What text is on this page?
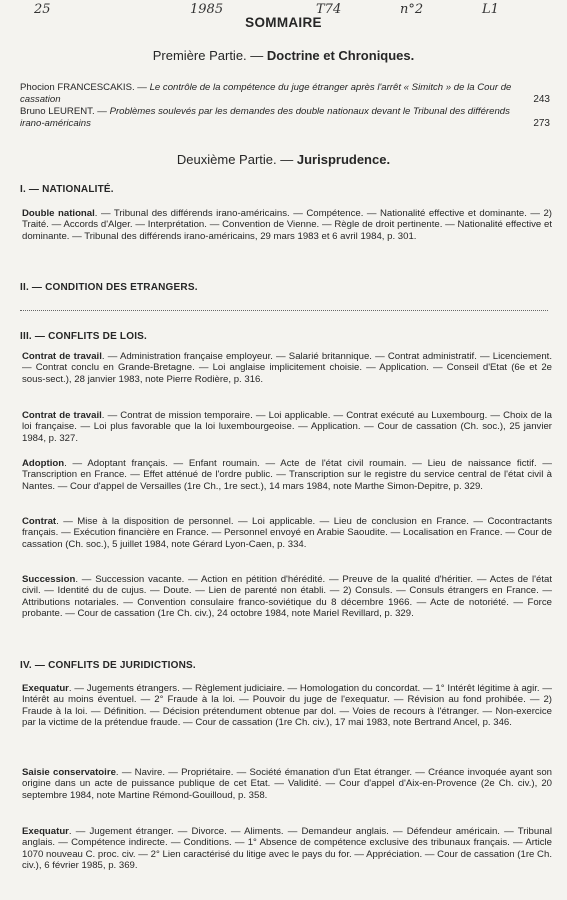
25	1985	T74	n°2	L1
SOMMAIRE
Première Partie. — Doctrine et Chroniques.
Phocion FRANCESCAKIS. — Le contrôle de la compétence du juge étranger après l'arrêt « Simitch » de la Cour de cassation	243
Bruno LEURENT. — Problèmes soulevés par les demandes des double nationaux devant le Tribunal des différends irano-américains	273
Deuxième Partie. — Jurisprudence.
I. — NATIONALITÉ.
Double national. — Tribunal des différends irano-américains. — Compétence. — Nationalité effective et dominante. — 2) Traité. — Accords d'Alger. — Interprétation. — Convention de Vienne. — Règle de droit pertinente. — Nationalité effective et dominante. — Tribunal des différends irano-américains, 29 mars 1983 et 6 avril 1984, p. 301.
II. — CONDITION DES ETRANGERS.
III. — CONFLITS DE LOIS.
Contrat de travail. — Administration française employeur. — Salarié britannique. — Contrat administratif. — Licenciement. — Contrat conclu en Grande-Bretagne. — Loi anglaise implicitement choisie. — Application. — Conseil d'Etat (6e et 2e sous-sect.), 28 janvier 1983, note Pierre Rodière, p. 316.
Contrat de travail. — Contrat de mission temporaire. — Loi applicable. — Contrat exécuté au Luxembourg. — Choix de la loi française. — Loi plus favorable que la loi luxembourgeoise. — Application. — Cour de cassation (Ch. soc.), 25 janvier 1984, p. 327.
Adoption. — Adoptant français. — Enfant roumain. — Acte de l'état civil roumain. — Lieu de naissance fictif. — Transcription en France. — Effet atténué de l'ordre public. — Transcription sur le registre du service central de l'état civil à Nantes. — Cour d'appel de Versailles (1re Ch., 1re sect.), 14 mars 1984, note Marthe Simon-Depitre, p. 329.
Contrat. — Mise à la disposition de personnel. — Loi applicable. — Lieu de conclusion en France. — Cocontractants français. — Exécution financière en France. — Personnel envoyé en Arabie Saoudite. — Localisation en France. — Cour de cassation (Ch. soc.), 5 juillet 1984, note Gérard Lyon-Caen, p. 334.
Succession. — Succession vacante. — Action en pétition d'hérédité. — Preuve de la qualité d'héritier. — Actes de l'état civil. — Identité du de cujus. — Doute. — Lien de parenté non établi. — 2) Consuls. — Consuls étrangers en France. — Attributions notariales. — Convention consulaire franco-soviétique du 8 décembre 1966. — Acte de notoriété. — Force probante. — Cour de cassation (1re Ch. civ.), 24 octobre 1984, note Mariel Revillard, p. 329.
IV. — CONFLITS DE JURIDICTIONS.
Exequatur. — Jugements étrangers. — Règlement judiciaire. — Homologation du concordat. — 1° Intérêt légitime à agir. — Intérêt au moins éventuel. — 2° Fraude à la loi. — Pouvoir du juge de l'exequatur. — Révision au fond prohibée. — 2) Fraude à la loi. — Définition. — Décision prétendument obtenue par dol. — Voies de recours à l'étranger. — Non-exercice par la victime de la prétendue fraude. — Cour de cassation (1re Ch. civ.), 17 mai 1983, note Bertrand Ancel, p. 346.
Saisie conservatoire. — Navire. — Propriétaire. — Société émanation d'un Etat étranger. — Créance invoquée ayant son origine dans un acte de puissance publique de cet Etat. — Validité. — Cour d'appel d'Aix-en-Provence (2e Ch. civ.), 20 septembre 1984, note Martine Rémond-Gouilloud, p. 358.
Exequatur. — Jugement étranger. — Divorce. — Aliments. — Demandeur anglais. — Défendeur américain. — Tribunal anglais. — Compétence indirecte. — Conditions. — 1° Absence de compétence exclusive des tribunaux français. — Article 1070 nouveau C. proc. civ. — 2° Lien caractérisé du litige avec le pays du for. — Appréciation. — Cour de cassation (1re Ch. civ.), 6 février 1985, p. 369.
